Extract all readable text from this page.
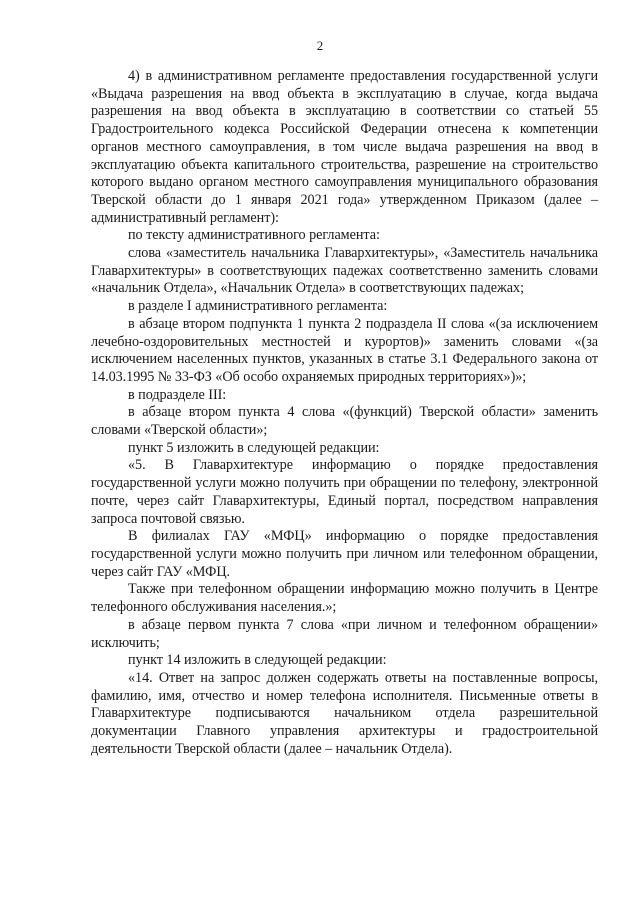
2

4) в административном регламенте предоставления государственной услуги «Выдача разрешения на ввод объекта в эксплуатацию в случае, когда выдача разрешения на ввод объекта в эксплуатацию в соответствии со статьей 55 Градостроительного кодекса Российской Федерации отнесена к компетенции органов местного самоуправления, в том числе выдача разрешения на ввод в эксплуатацию объекта капитального строительства, разрешение на строительство которого выдано органом местного самоуправления муниципального образования Тверской области до 1 января 2021 года» утвержденном Приказом (далее – административный регламент):

по тексту административного регламента:

слова «заместитель начальника Главархитектуры», «Заместитель начальника Главархитектуры» в соответствующих падежах соответственно заменить словами «начальник Отдела», «Начальник Отдела» в соответствующих падежах;

в разделе I административного регламента:

в абзаце втором подпункта 1 пункта 2 подраздела II слова «(за исключением лечебно-оздоровительных местностей и курортов)» заменить словами «(за исключением населенных пунктов, указанных в статье 3.1 Федерального закона от 14.03.1995 № 33-ФЗ «Об особо охраняемых природных территориях»)»;

в подразделе III:

в абзаце втором пункта 4 слова «(функций) Тверской области» заменить словами «Тверской области»;

пункт 5 изложить в следующей редакции:

«5. В Главархитектуре информацию о порядке предоставления государственной услуги можно получить при обращении по телефону, электронной почте, через сайт Главархитектуры, Единый портал, посредством направления запроса почтовой связью.

В филиалах ГАУ «МФЦ» информацию о порядке предоставления государственной услуги можно получить при личном или телефонном обращении, через сайт ГАУ «МФЦ.

Также при телефонном обращении информацию можно получить в Центре телефонного обслуживания населения.»;

в абзаце первом пункта 7 слова «при личном и телефонном обращении» исключить;

пункт 14 изложить в следующей редакции:

«14. Ответ на запрос должен содержать ответы на поставленные вопросы, фамилию, имя, отчество и номер телефона исполнителя. Письменные ответы в Главархитектуре подписываются начальником отдела разрешительной документации Главного управления архитектуры и градостроительной деятельности Тверской области (далее – начальник Отдела).
